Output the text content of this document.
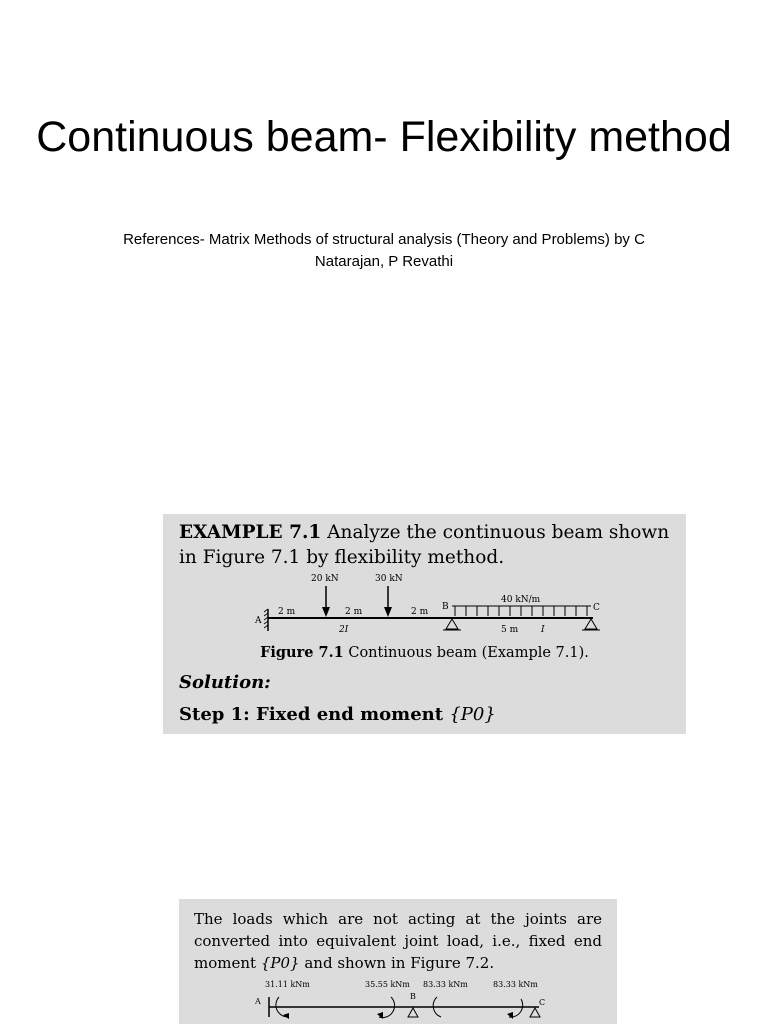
Continuous beam- Flexibility method
References- Matrix Methods of structural analysis (Theory and Problems) by C Natarajan, P Revathi
EXAMPLE 7.1 Analyze the continuous beam shown in Figure 7.1 by flexibility method.
A
20 kN	30 kN
40 kN/m
B	C
2 m	2 m	2 m
2I	5 m	I
Figure 7.1 Continuous beam (Example 7.1).
Solution:
Step 1: Fixed end moment {P0}
The loads which are not acting at the joints are converted into equivalent joint load, i.e., fixed end moment {P0} and shown in Figure 7.2.
A
31.11 kNm	35.55 kNm
B
83.33 kNm	83.33 kNm
C
